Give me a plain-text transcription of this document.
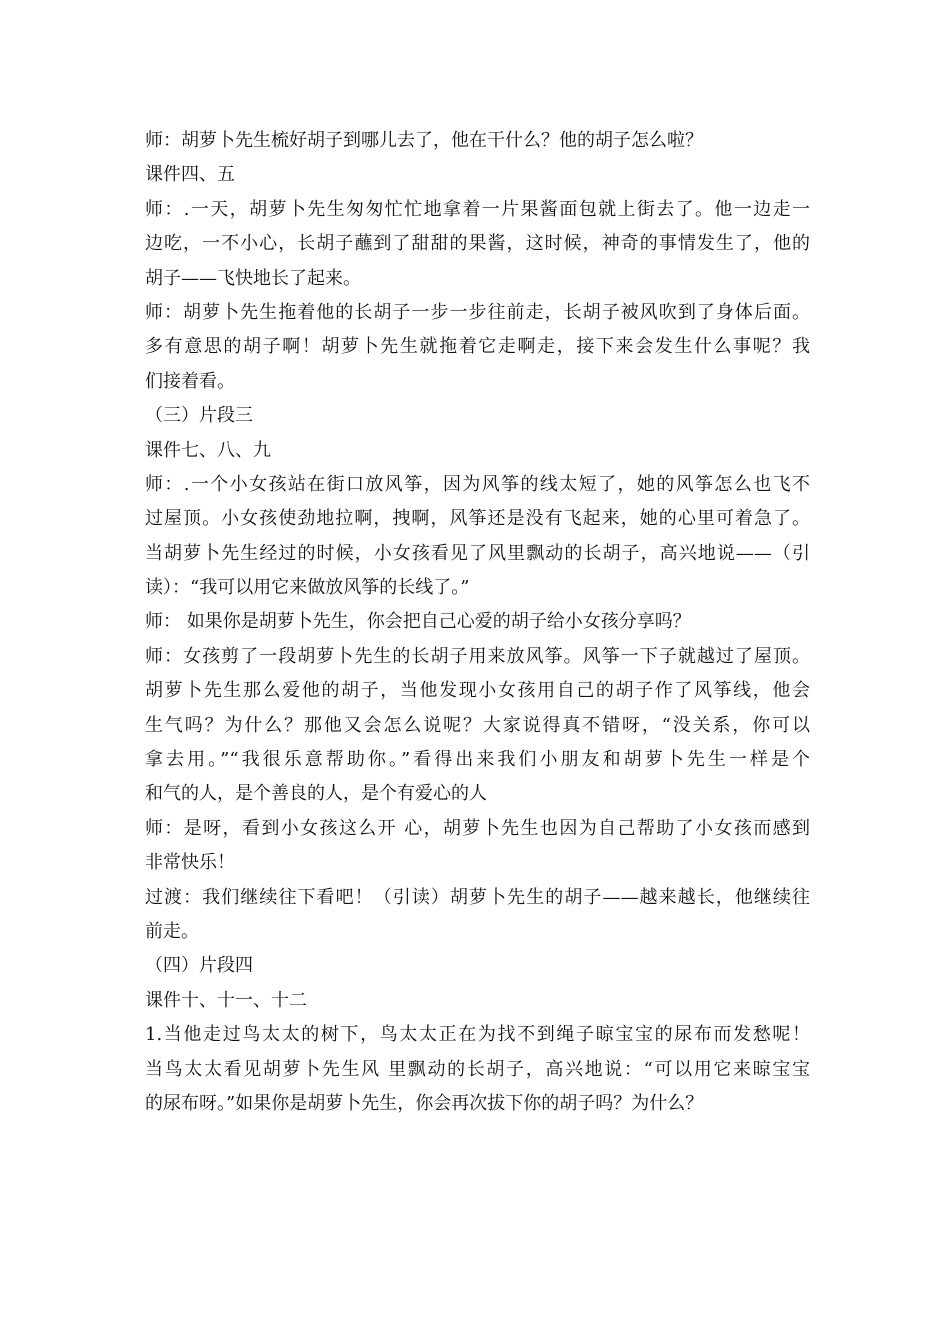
师：胡萝卜先生梳好胡子到哪儿去了，他在干什么？他的胡子怎么啦？
课件四、五
师：.一天，胡萝卜先生匆匆忙忙地拿着一片果酱面包就上街去了。他一边走一
边吃，一不小心，长胡子蘸到了甜甜的果酱，这时候，神奇的事情发生了，他的
胡子——飞快地长了起来。
师：胡萝卜先生拖着他的长胡子一步一步往前走，长胡子被风吹到了身体后面。
多有意思的胡子啊！胡萝卜先生就拖着它走啊走，接下来会发生什么事呢？我
们接着看。
（三）片段三
课件七、八、九
师：.一个小女孩站在街口放风筝，因为风筝的线太短了，她的风筝怎么也飞不
过屋顶。小女孩使劲地拉啊，拽啊，风筝还是没有飞起来，她的心里可着急了。
当胡萝卜先生经过的时候，小女孩看见了风里飘动的长胡子，高兴地说——（引
读）：“我可以用它来做放风筝的长线了。”
师： 如果你是胡萝卜先生，你会把自己心爱的胡子给小女孩分享吗？
师：女孩剪了一段胡萝卜先生的长胡子用来放风筝。风筝一下子就越过了屋顶。
胡萝卜先生那么爱他的胡子，当他发现小女孩用自己的胡子作了风筝线，他会
生气吗？为什么？那他又会怎么说呢？大家说得真不错呀，“没关系，你可以
拿去用。”“我很乐意帮助你。”看得出来我们小朋友和胡萝卜先生一样是个
和气的人，是个善良的人，是个有爱心的人
师：是呀，看到小女孩这么开 心，胡萝卜先生也因为自己帮助了小女孩而感到
非常快乐！
过渡：我们继续往下看吧！（引读）胡萝卜先生的胡子——越来越长，他继续往
前走。
（四）片段四
课件十、十一、十二
1.当他走过鸟太太的树下，鸟太太正在为找不到绳子晾宝宝的尿布而发愁呢！
当鸟太太看见胡萝卜先生风 里飘动的长胡子，高兴地说：“可以用它来晾宝宝
的尿布呀。”如果你是胡萝卜先生，你会再次拔下你的胡子吗？为什么？
